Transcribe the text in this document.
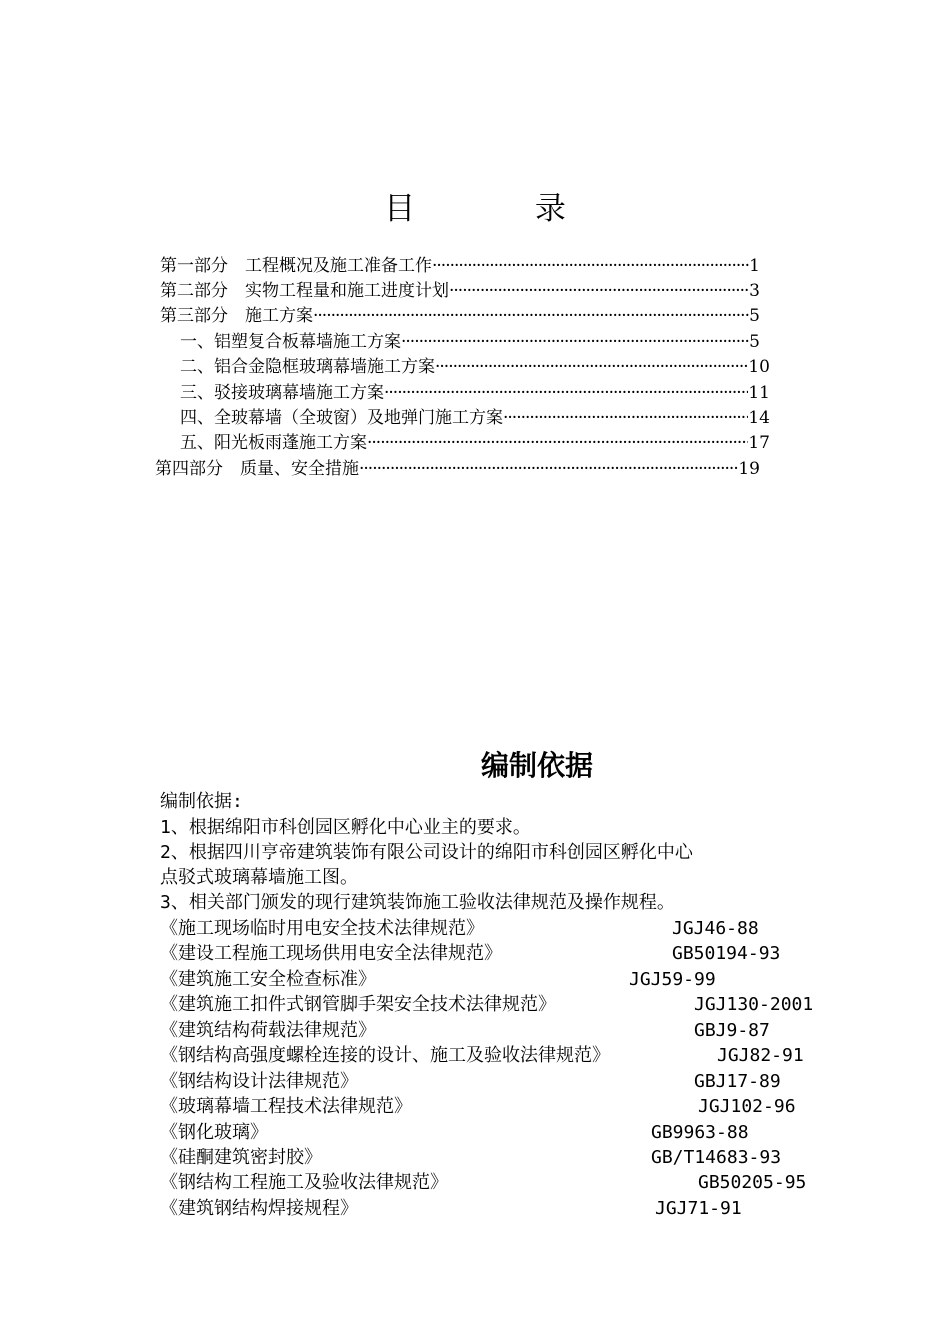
目 录
第一部分　工程概况及施工准备工作 ·····	1
第二部分　实物工程量和施工进度计划 ·····	3
第三部分　施工方案 ·····	5
一、铝塑复合板幕墙施工方案 ·····	5
二、铝合金隐框玻璃幕墙施工方案 ·····	10
三、驳接玻璃幕墙施工方案 ·····	11
四、全玻幕墙（全玻窗）及地弹门施工方案 ·····	14
五、阳光板雨蓬施工方案 ·····	17
第四部分　质量、安全措施 ·····	19
编制依据
编制依据:
1、根据绵阳市科创园区孵化中心业主的要求。
2、根据四川亨帝建筑装饰有限公司设计的绵阳市科创园区孵化中心
点驳式玻璃幕墙施工图。
3、相关部门颁发的现行建筑装饰施工验收法律规范及操作规程。
《施工现场临时用电安全技术法律规范》	JGJ46-88
《建设工程施工现场供用电安全法律规范》	GB50194-93
《建筑施工安全检查标准》	JGJ59-99
《建筑施工扣件式钢管脚手架安全技术法律规范》	JGJ130-2001
《建筑结构荷载法律规范》	GBJ9-87
《钢结构高强度螺栓连接的设计、施工及验收法律规范》	JGJ82-91
《钢结构设计法律规范》	GBJ17-89
《玻璃幕墙工程技术法律规范》	JGJ102-96
《钢化玻璃》	GB9963-88
《硅酮建筑密封胶》	GB/T14683-93
《钢结构工程施工及验收法律规范》	GB50205-95
《建筑钢结构焊接规程》	JGJ71-91
